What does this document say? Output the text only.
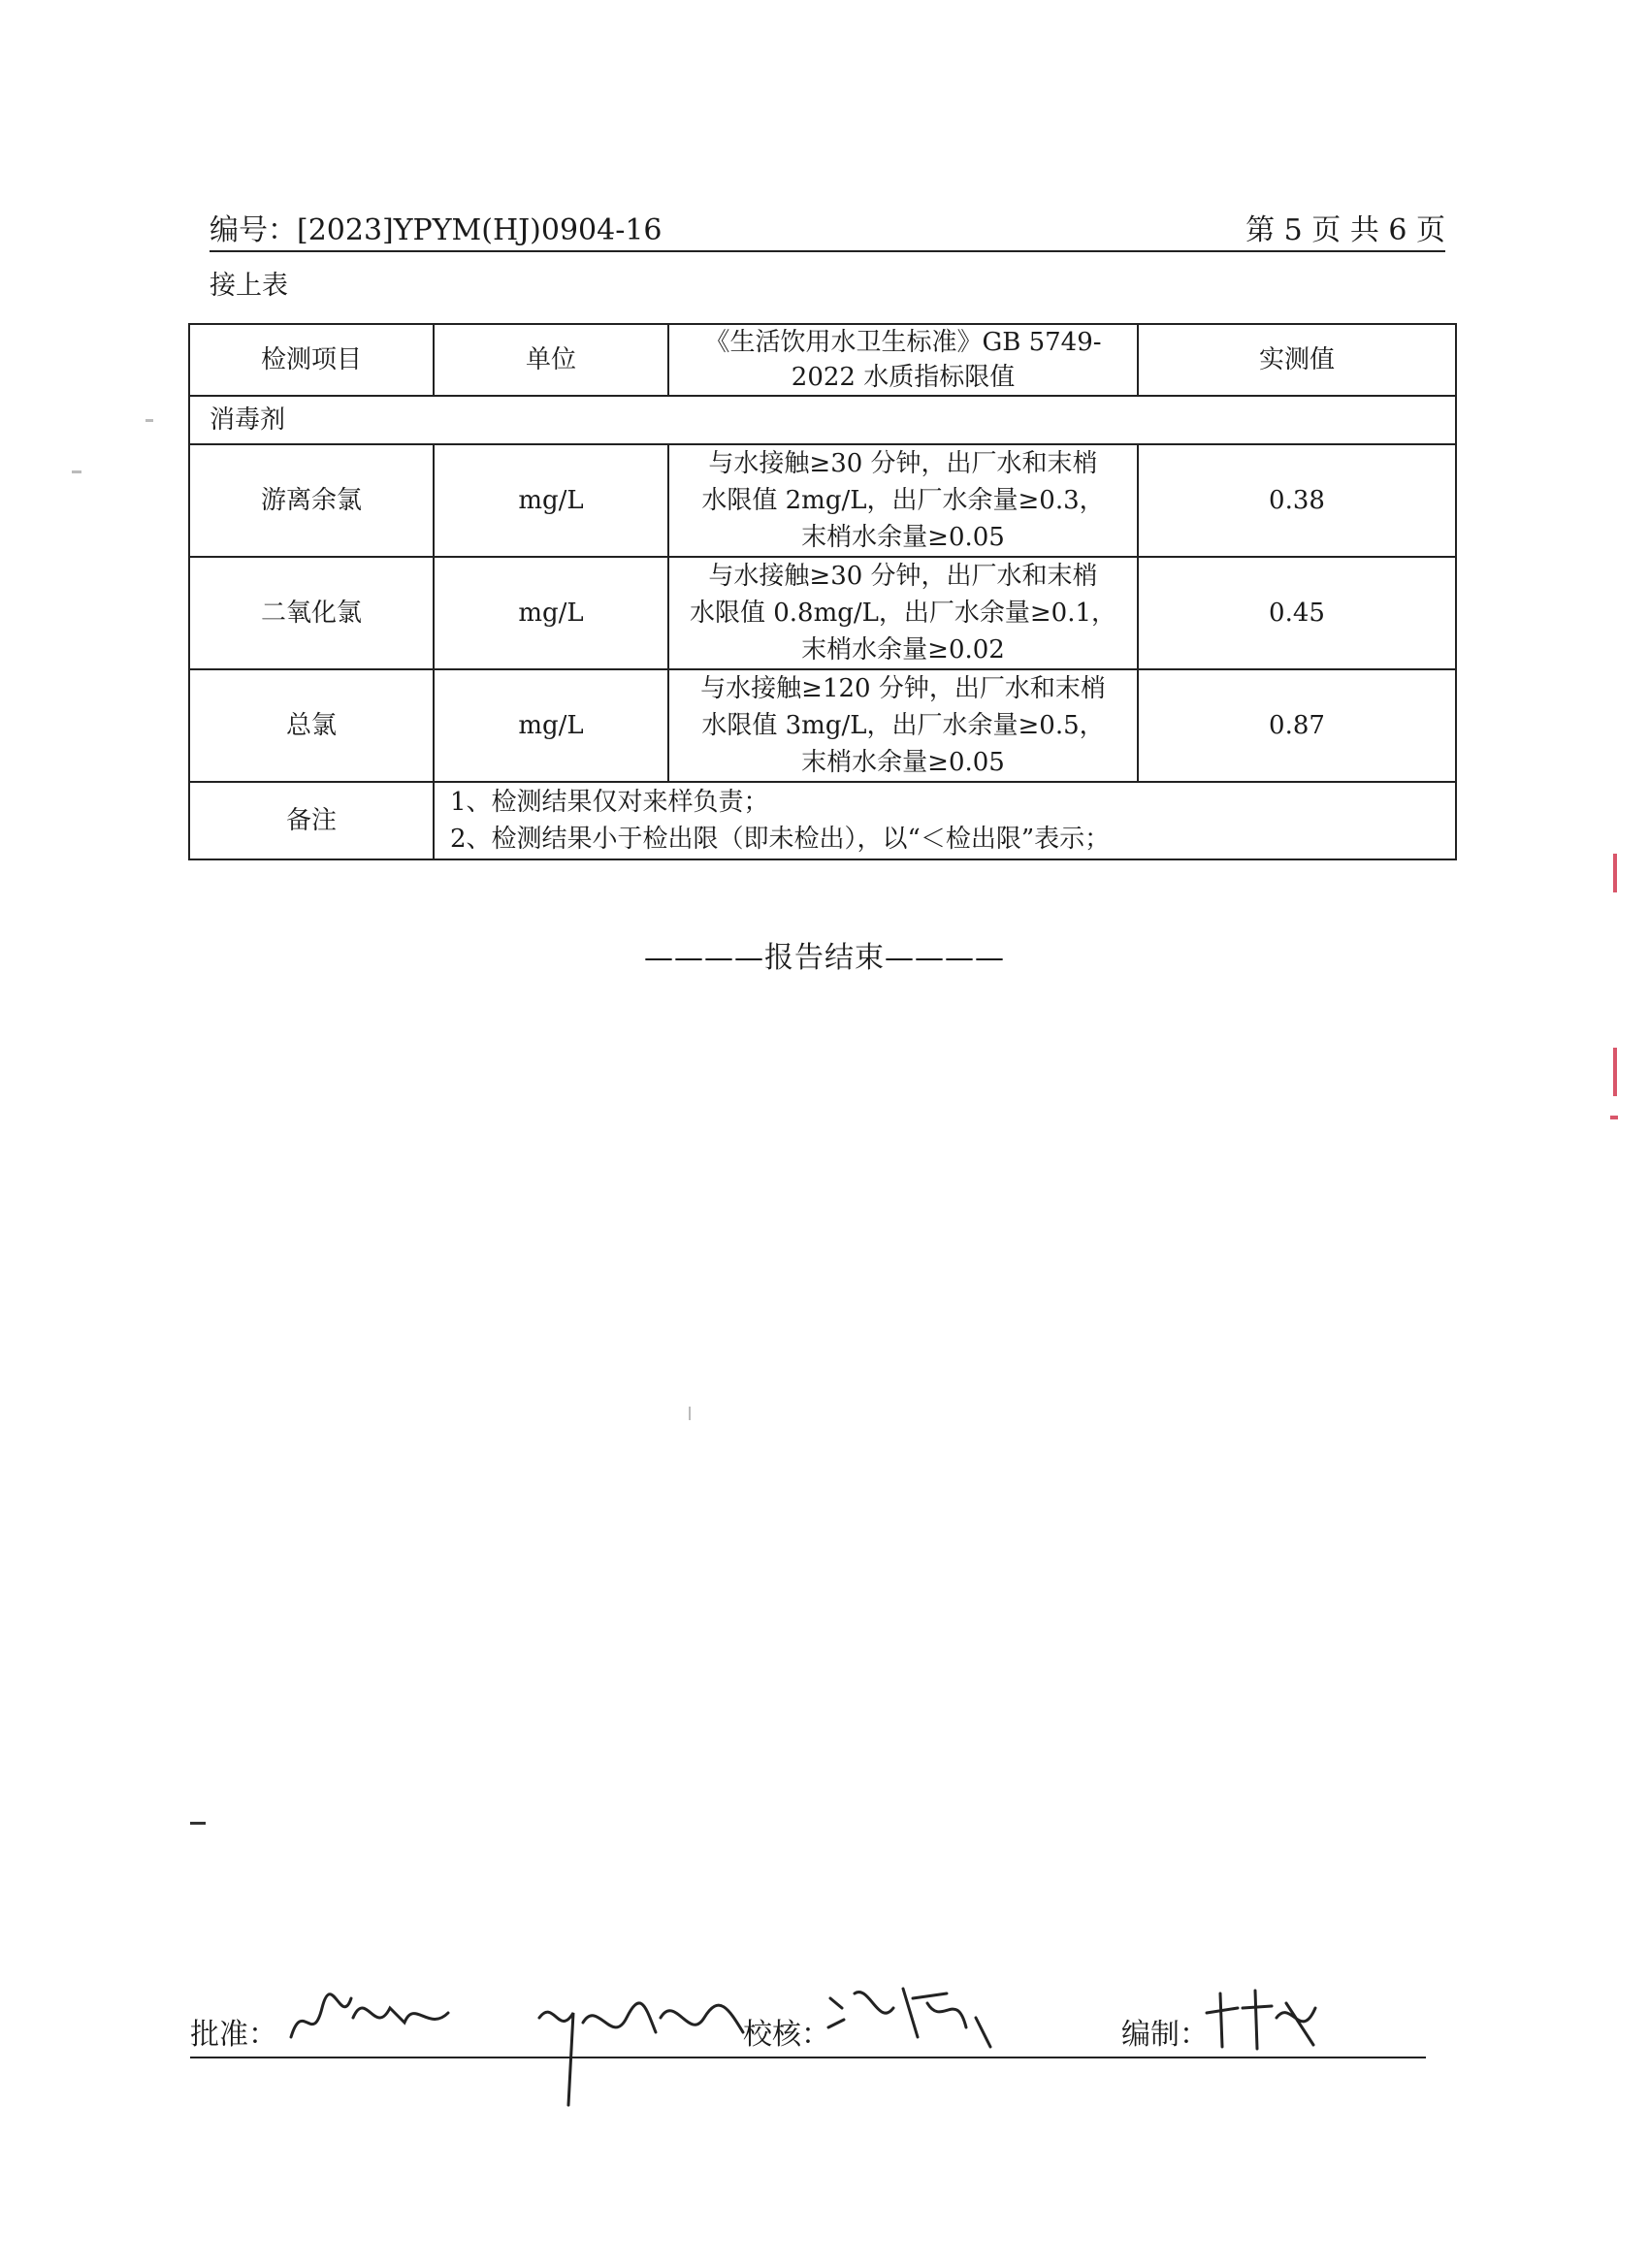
编号：[2023]YPYM(HJ)0904-16	第 5 页 共 6 页
接上表
检测项目	单位	《生活饮用水卫生标准》GB 5749-2022 水质指标限值	实测值
消毒剂			
游离余氯	mg/L	与水接触≥30 分钟，出厂水和末梢
水限值 2mg/L，出厂水余量≥0.3，
末梢水余量≥0.05	0.38
二氧化氯	mg/L	与水接触≥30 分钟，出厂水和末梢
水限值 0.8mg/L，出厂水余量≥0.1，
末梢水余量≥0.02	0.45
总氯	mg/L	与水接触≥120 分钟，出厂水和末梢
水限值 3mg/L，出厂水余量≥0.5，
末梢水余量≥0.05	0.87
备注	1、检测结果仅对来样负责；
2、检测结果小于检出限（即未检出），以“＜检出限”表示；		
————报告结束————
批准：	校核：	编制：
